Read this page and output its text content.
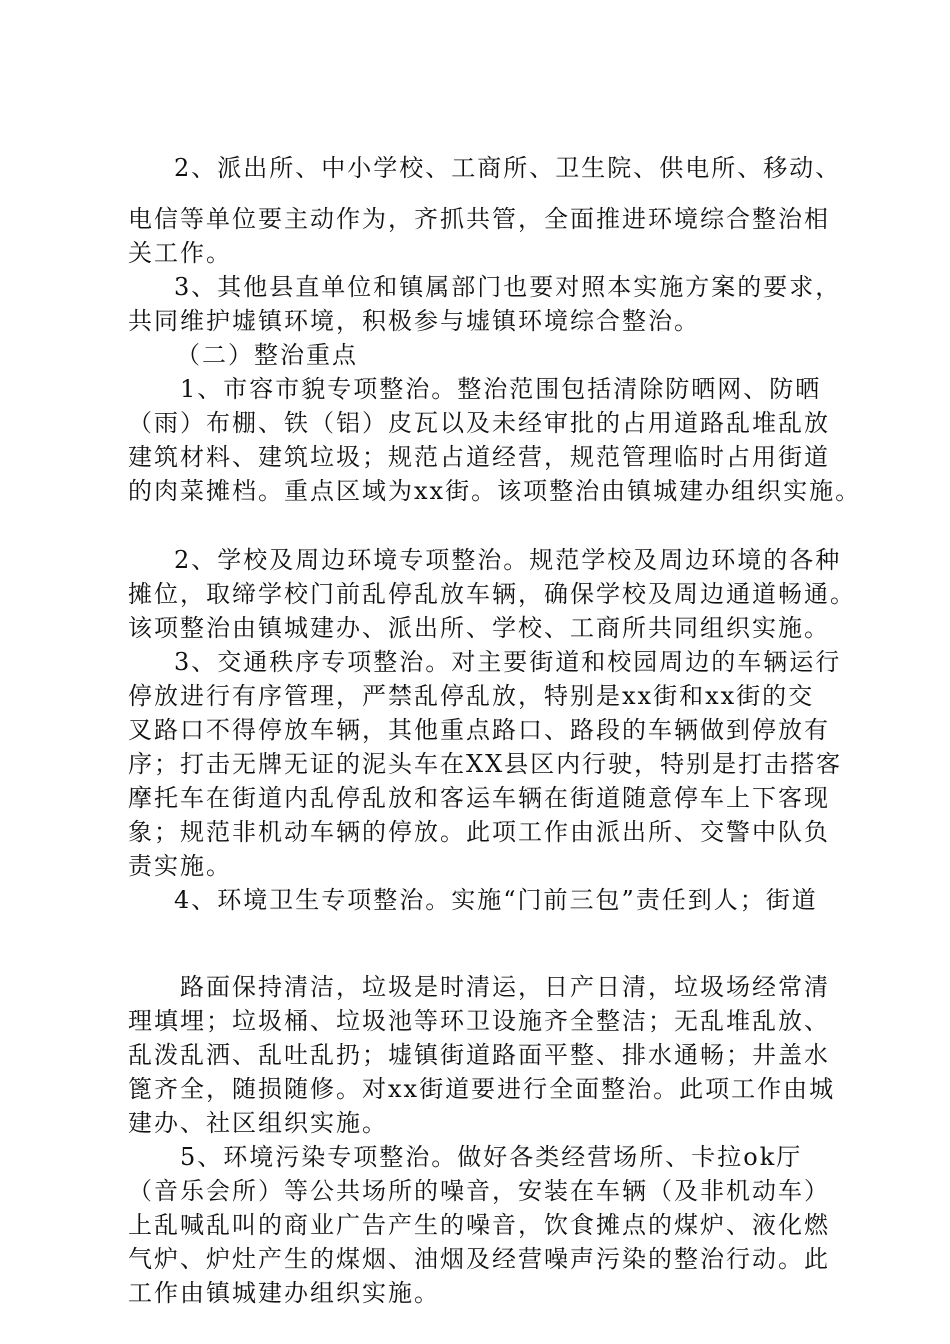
2、派出所、中小学校、工商所、卫生院、供电所、移动、
电信等单位要主动作为，齐抓共管，全面推进环境综合整治相
关工作。
3、其他县直单位和镇属部门也要对照本实施方案的要求，
共同维护墟镇环境，积极参与墟镇环境综合整治。
（二）整治重点
1、市容市貌专项整治。整治范围包括清除防晒网、防晒
（雨）布棚、铁（铝）皮瓦以及未经审批的占用道路乱堆乱放
建筑材料、建筑垃圾；规范占道经营，规范管理临时占用街道
的肉菜摊档。重点区域为xx街。该项整治由镇城建办组织实施。
2、学校及周边环境专项整治。规范学校及周边环境的各种
摊位，取缔学校门前乱停乱放车辆，确保学校及周边通道畅通。
该项整治由镇城建办、派出所、学校、工商所共同组织实施。
3、交通秩序专项整治。对主要街道和校园周边的车辆运行
停放进行有序管理，严禁乱停乱放，特别是xx街和xx街的交
叉路口不得停放车辆，其他重点路口、路段的车辆做到停放有
序；打击无牌无证的泥头车在XX县区内行驶，特别是打击搭客
摩托车在街道内乱停乱放和客运车辆在街道随意停车上下客现
象；规范非机动车辆的停放。此项工作由派出所、交警中队负
责实施。
4、环境卫生专项整治。实施“门前三包”责任到人；街道
路面保持清洁，垃圾是时清运，日产日清，垃圾场经常清
理填埋；垃圾桶、垃圾池等环卫设施齐全整洁；无乱堆乱放、
乱泼乱洒、乱吐乱扔；墟镇街道路面平整、排水通畅；井盖水
篦齐全，随损随修。对xx街道要进行全面整治。此项工作由城
建办、社区组织实施。
5、环境污染专项整治。做好各类经营场所、卡拉ok厅
（音乐会所）等公共场所的噪音，安装在车辆（及非机动车）
上乱喊乱叫的商业广告产生的噪音，饮食摊点的煤炉、液化燃
气炉、炉灶产生的煤烟、油烟及经营噪声污染的整治行动。此
工作由镇城建办组织实施。
